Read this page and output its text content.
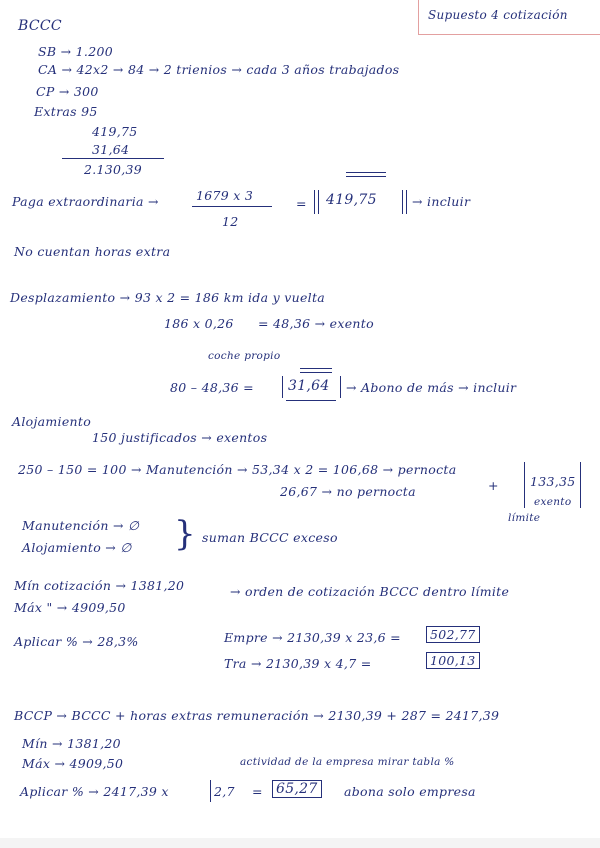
Supuesto 4 cotización
BCCC
SB → 1.200
CA → 42x2 → 84 → 2 trienios → cada 3 años trabajados
CP → 300
Extras 95
419,75
31,64
2.130,39
Paga extraordinaria →	1679 x 3
12
= 419,75	→ incluir
No cuentan horas extra
Desplazamiento → 93 x 2 = 186 km ida y vuelta
186 x 0,26 = 48,36 → exento
coche propio
80 – 48,36 = 31,64 → Abono de más → incluir
Alojamiento
150 justificados → exentos
250 – 150 = 100 → Manutención → 53,34 x 2 = 106,68 → pernocta
26,67 → no pernocta	+ 133,35
exento
límite
Manutención → ∅
Alojamiento → ∅ } suman BCCC exceso
Mín cotización → 1381,20
Máx " → 4909,50
→ orden de cotización BCCC dentro límite
Aplicar % → 28,3%	Empre → 2130,39 x 23,6 =	502,77
Tra → 2130,39 x 4,7 =	100,13
BCCP → BCCC + horas extras remuneración → 2130,39 + 287 = 2417,39
Mín → 1381,20
Máx → 4909,50	actividad de la empresa mirar tabla %
Aplicar % → 2417,39 x	2,7 = 65,27	abona solo empresa
